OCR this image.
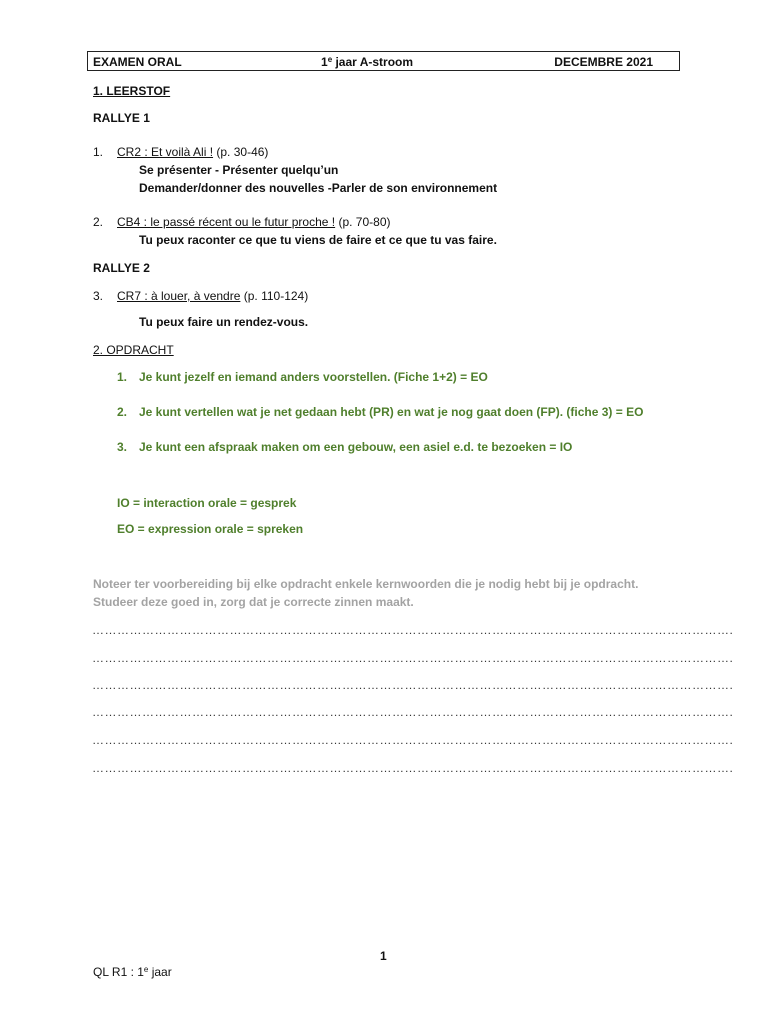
EXAMEN ORAL	1e jaar A-stroom	DECEMBRE 2021
1. LEERSTOF
RALLYE 1
1. CR2 : Et voilà Ali ! (p. 30-46)
Se présenter - Présenter quelqu’un
Demander/donner des nouvelles -Parler de son environnement
2. CB4 : le passé récent ou le futur proche ! (p. 70-80)
Tu peux raconter ce que tu viens de faire et ce que tu vas faire.
RALLYE 2
3. CR7 : à louer, à vendre (p. 110-124)
Tu peux faire un rendez-vous.
2. OPDRACHT
1. Je kunt jezelf en iemand anders voorstellen. (Fiche 1+2) = EO
2. Je kunt vertellen wat je net gedaan hebt (PR) en wat je nog gaat doen (FP). (fiche 3) = EO
3. Je kunt een afspraak maken om een gebouw, een asiel e.d. te bezoeken = IO
IO = interaction orale = gesprek
EO = expression orale = spreken
Noteer ter voorbereiding bij elke opdracht enkele kernwoorden die je nodig hebt bij je opdracht.
Studeer deze goed in, zorg dat je correcte zinnen maakt.
……………………………………………………………………………………………………………………………………….
……………………………………………………………………………………………………………………………………….
……………………………………………………………………………………………………………………………………….
……………………………………………………………………………………………………………………………………….
……………………………………………………………………………………………………………………………………….
……………………………………………………………………………………………………………………………………….
1
QL R1 : 1e jaar
